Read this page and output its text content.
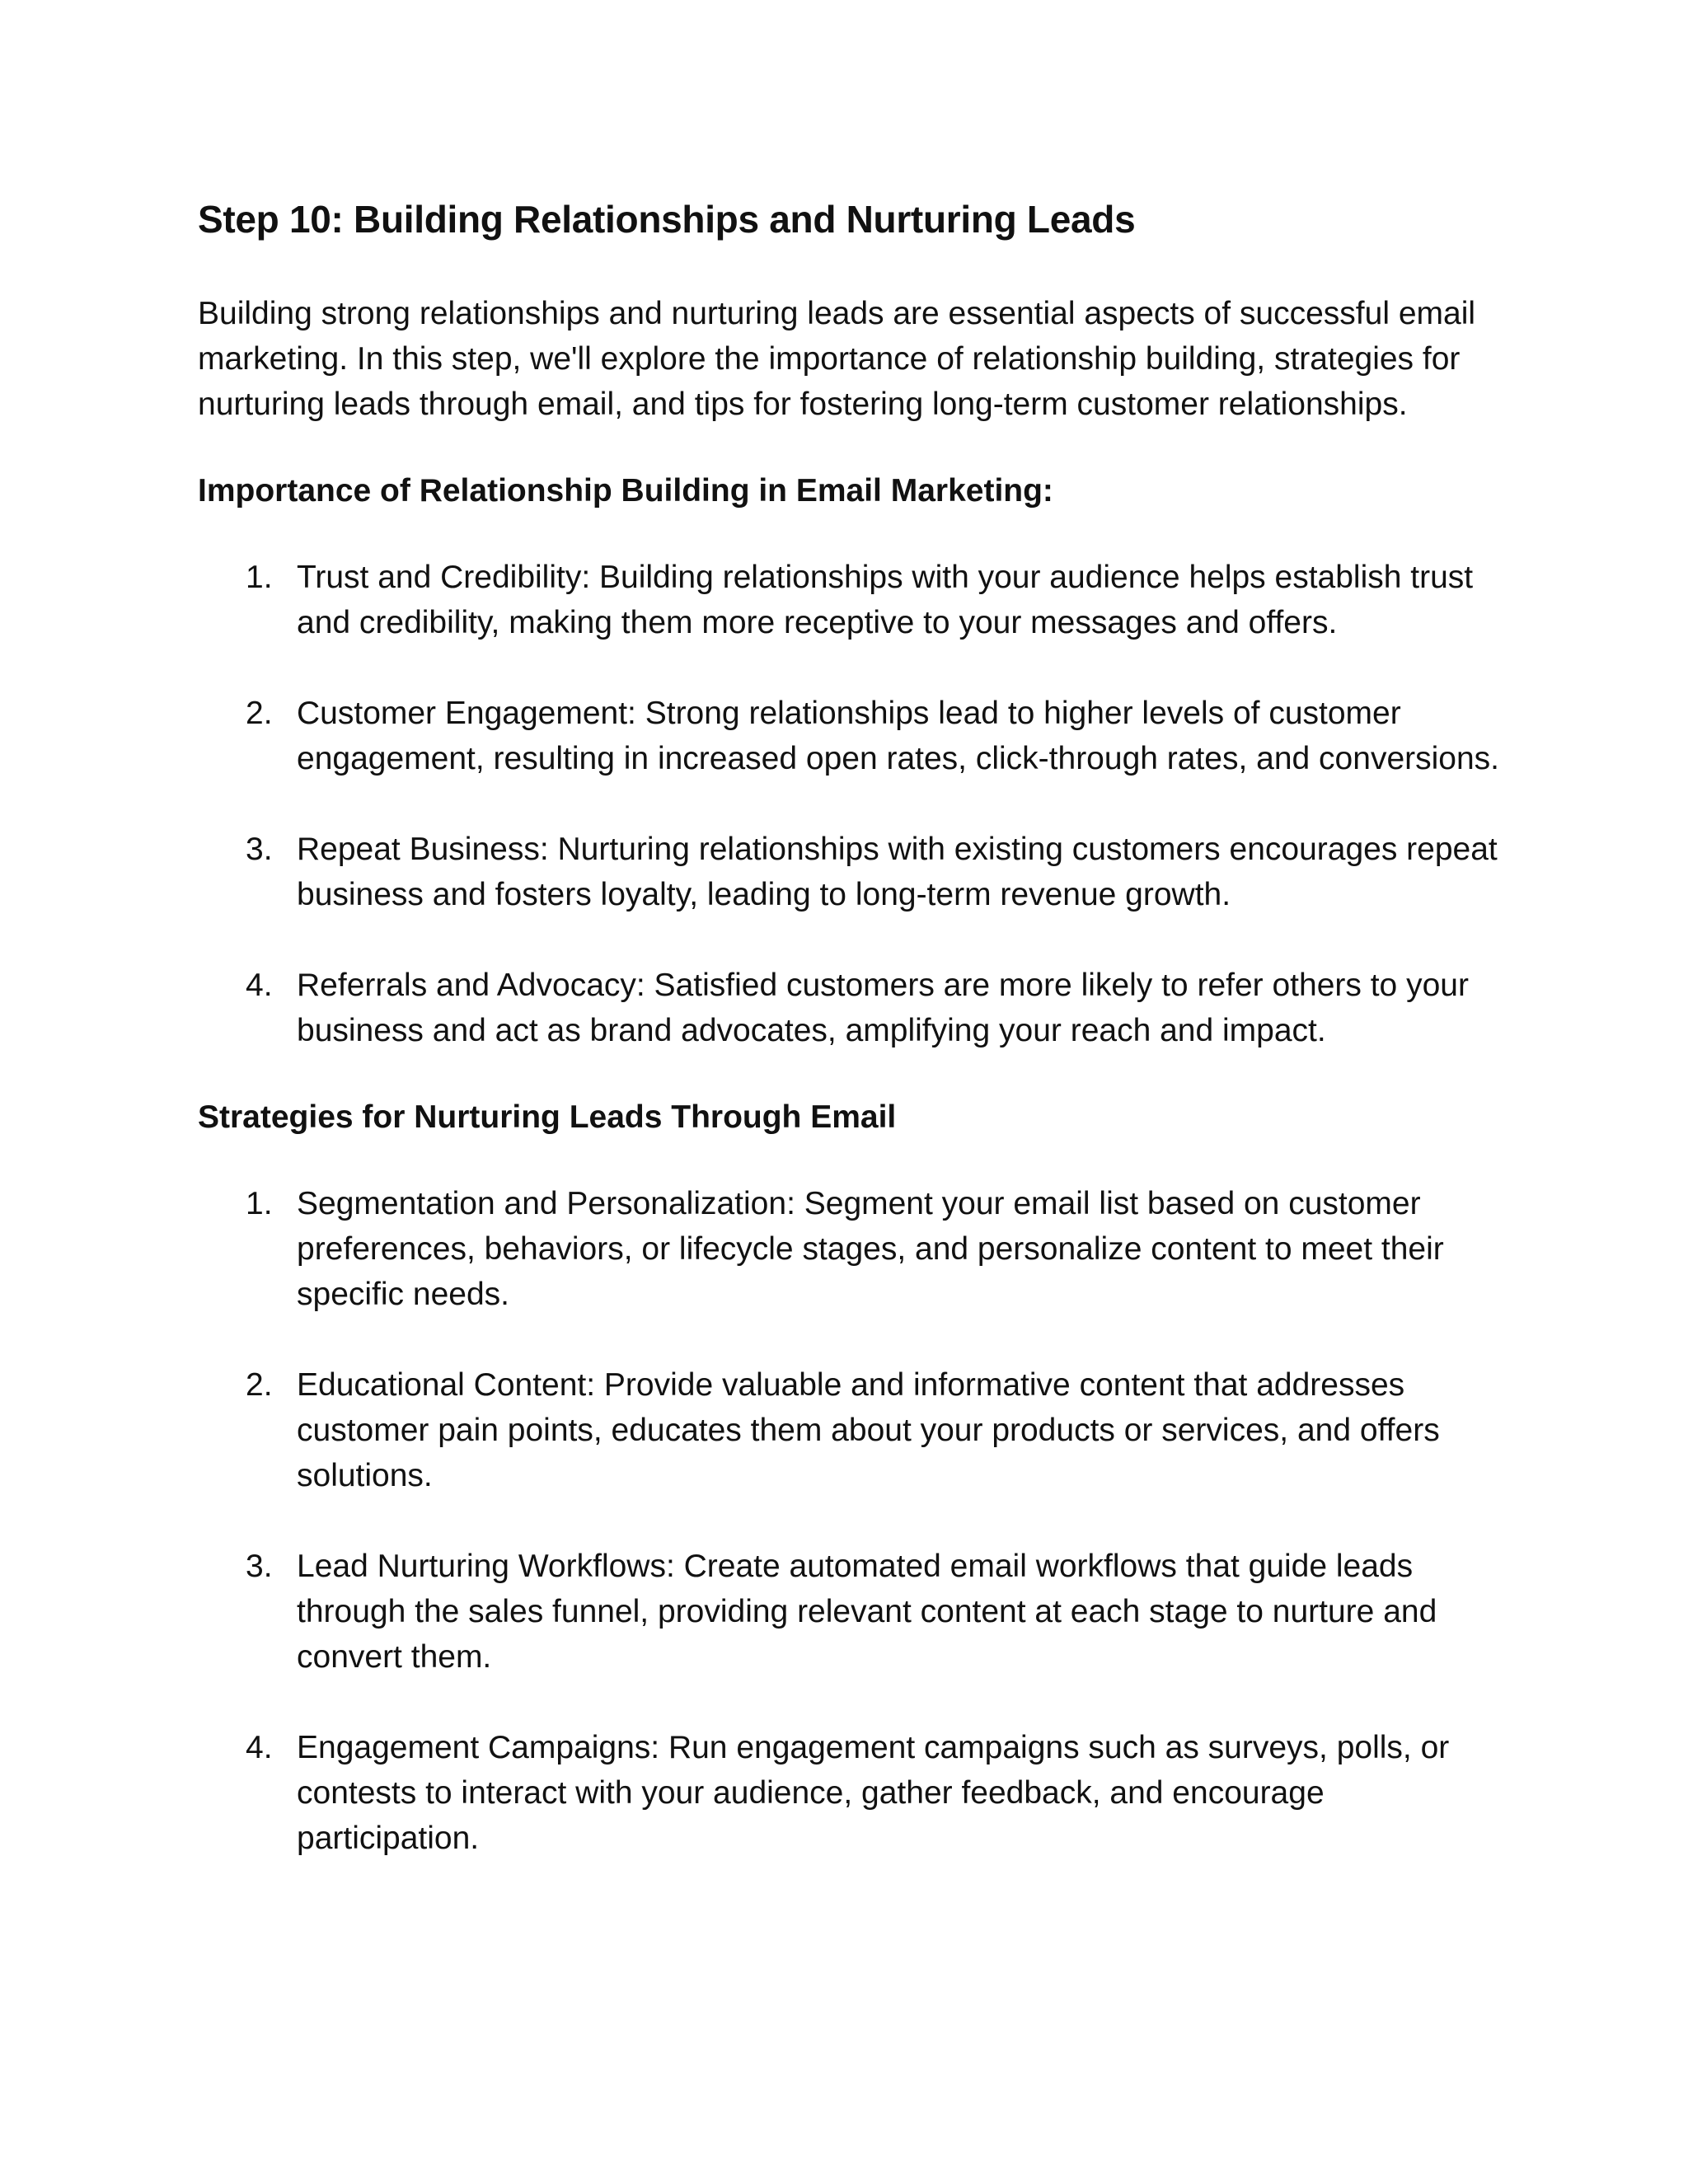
Step 10: Building Relationships and Nurturing Leads

Building strong relationships and nurturing leads are essential aspects of successful email marketing. In this step, we'll explore the importance of relationship building, strategies for nurturing leads through email, and tips for fostering long-term customer relationships.

Importance of Relationship Building in Email Marketing:

1. Trust and Credibility: Building relationships with your audience helps establish trust and credibility, making them more receptive to your messages and offers.
2. Customer Engagement: Strong relationships lead to higher levels of customer engagement, resulting in increased open rates, click-through rates, and conversions.
3. Repeat Business: Nurturing relationships with existing customers encourages repeat business and fosters loyalty, leading to long-term revenue growth.
4. Referrals and Advocacy: Satisfied customers are more likely to refer others to your business and act as brand advocates, amplifying your reach and impact.

Strategies for Nurturing Leads Through Email

1. Segmentation and Personalization: Segment your email list based on customer preferences, behaviors, or lifecycle stages, and personalize content to meet their specific needs.
2. Educational Content: Provide valuable and informative content that addresses customer pain points, educates them about your products or services, and offers solutions.
3. Lead Nurturing Workflows: Create automated email workflows that guide leads through the sales funnel, providing relevant content at each stage to nurture and convert them.
4. Engagement Campaigns: Run engagement campaigns such as surveys, polls, or contests to interact with your audience, gather feedback, and encourage participation.
